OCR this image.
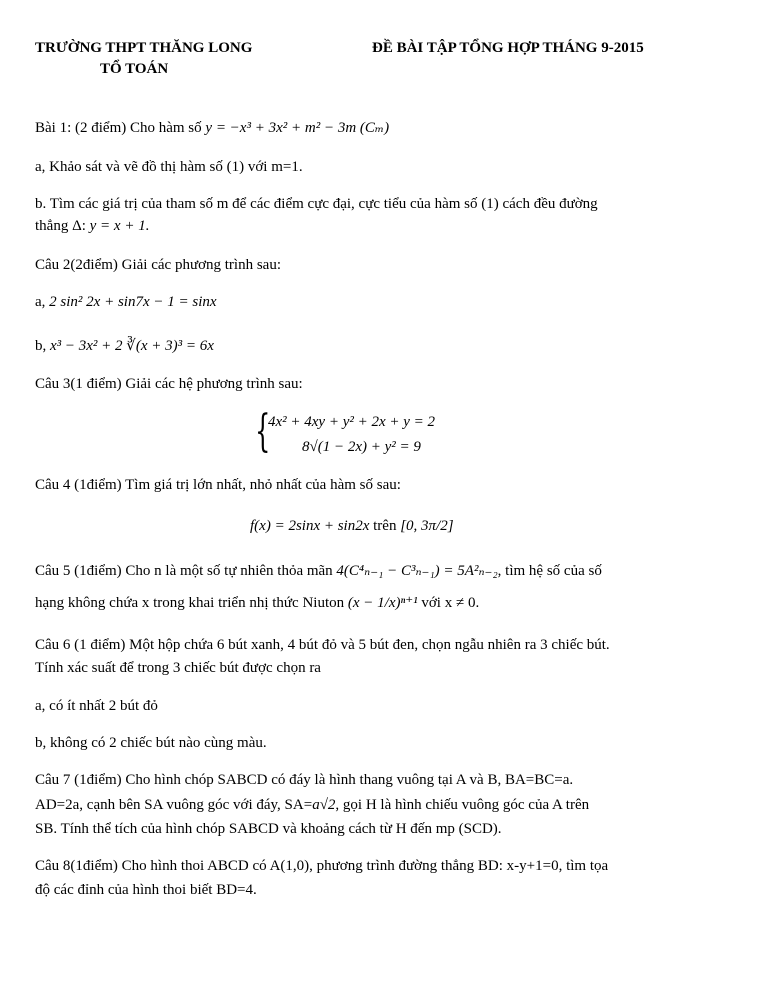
TRƯỜNG THPT THĂNG LONG
TỔ TOÁN
ĐỀ BÀI TẬP TỔNG HỢP THÁNG 9-2015
Bài 1: (2 điểm) Cho hàm số y = −x³ + 3x² + m² − 3m (Cₘ)
a, Khảo sát và vẽ đồ thị hàm số (1) với m=1.
b. Tìm các giá trị của tham số m để các điểm cực đại, cực tiểu của hàm số (1) cách đều đường
thẳng Δ: y = x + 1.
Câu 2(2điểm) Giải các phương trình sau:
a, 2 sin² 2x + sin7x − 1 = sinx
b, x³ − 3x² + 2 ∛(x + 3)³ = 6x
Câu 3(1 điểm) Giải các hệ phương trình sau:
{
4x² + 4xy + y² + 2x + y = 2
8√(1 − 2x) + y² = 9
Câu 4 (1điểm) Tìm giá trị lớn nhất, nhỏ nhất của hàm số sau:
f(x) = 2sinx + sin2x trên [0, 3π/2]
Câu 5 (1điểm) Cho n là một số tự nhiên thỏa mãn 4(C⁴ₙ₋₁ − C³ₙ₋₁) = 5A²ₙ₋₂, tìm hệ số của số
hạng không chứa x trong khai triển nhị thức Niuton (x − 1/x)ⁿ⁺¹ với x ≠ 0.
Câu 6 (1 điểm) Một hộp chứa 6 bút xanh, 4 bút đỏ và 5 bút đen, chọn ngẫu nhiên ra 3 chiếc bút.
Tính xác suất để trong 3 chiếc bút được chọn ra
a, có ít nhất 2 bút đỏ
b, không có 2 chiếc bút nào cùng màu.
Câu 7 (1điểm) Cho hình chóp SABCD có đáy là hình thang vuông tại A và B, BA=BC=a.
AD=2a, cạnh bên SA vuông góc với đáy, SA=a√2, gọi H là hình chiếu vuông góc của A trên
SB. Tính thể tích của hình chóp SABCD và khoảng cách từ H đến mp (SCD).
Câu 8(1điểm) Cho hình thoi ABCD có A(1,0), phương trình đường thẳng BD: x-y+1=0, tìm tọa
độ các đỉnh của hình thoi biết BD=4.
